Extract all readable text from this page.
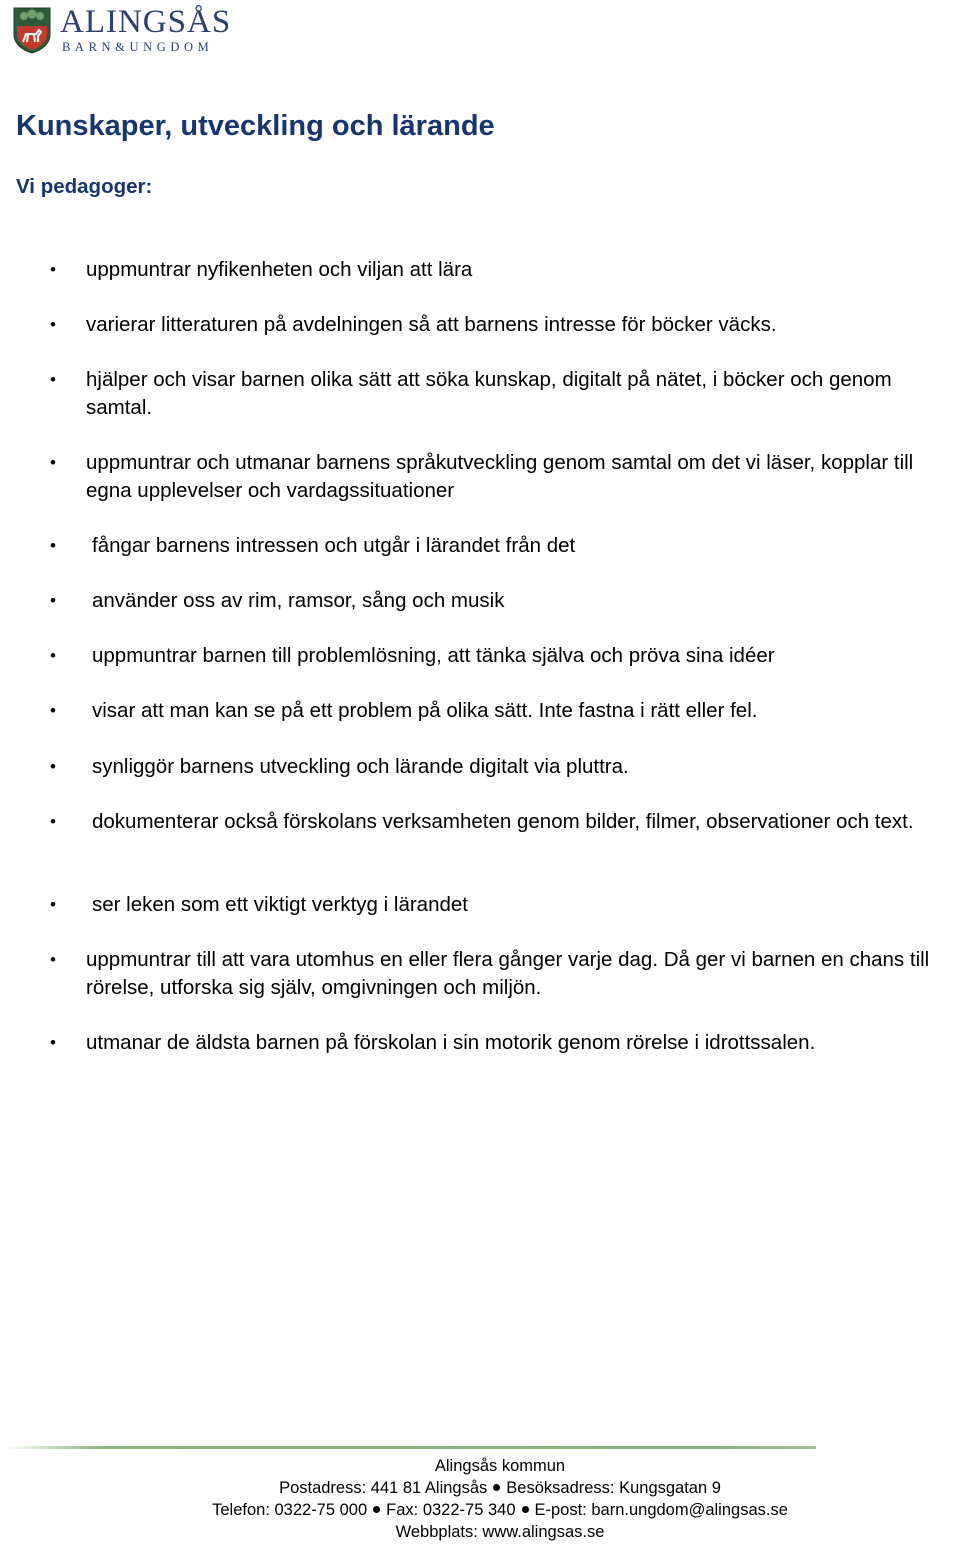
ALINGSÅS
BARN&UNGDOM
Kunskaper, utveckling och lärande
Vi pedagoger:
• uppmuntrar nyfikenheten och viljan att lära
• varierar litteraturen på avdelningen så att barnens intresse för böcker väcks.
• hjälper och visar barnen olika sätt att söka kunskap, digitalt på nätet, i böcker och genom samtal.
• uppmuntrar och utmanar barnens språkutveckling genom samtal om det vi läser, kopplar till egna upplevelser och vardagssituationer
• fångar barnens intressen och utgår i lärandet från det
• använder oss av rim, ramsor, sång och musik
• uppmuntrar barnen till problemlösning, att tänka själva och pröva sina idéer
• visar att man kan se på ett problem på olika sätt. Inte fastna i rätt eller fel.
• synliggör barnens utveckling och lärande digitalt via pluttra.
• dokumenterar också förskolans verksamheten genom bilder, filmer, observationer och text.
• ser leken som ett viktigt verktyg i lärandet
• uppmuntrar till att vara utomhus en eller flera gånger varje dag. Då ger vi barnen en chans till rörelse, utforska sig själv, omgivningen och miljön.
• utmanar de äldsta barnen på förskolan i sin motorik genom rörelse i idrottssalen.
Alingsås kommun
Postadress: 441 81 Alingsås Besöksadress: Kungsgatan 9
Telefon: 0322-75 000 Fax: 0322-75 340 E-post: barn.ungdom@alingsas.se
Webbplats: www.alingsas.se
